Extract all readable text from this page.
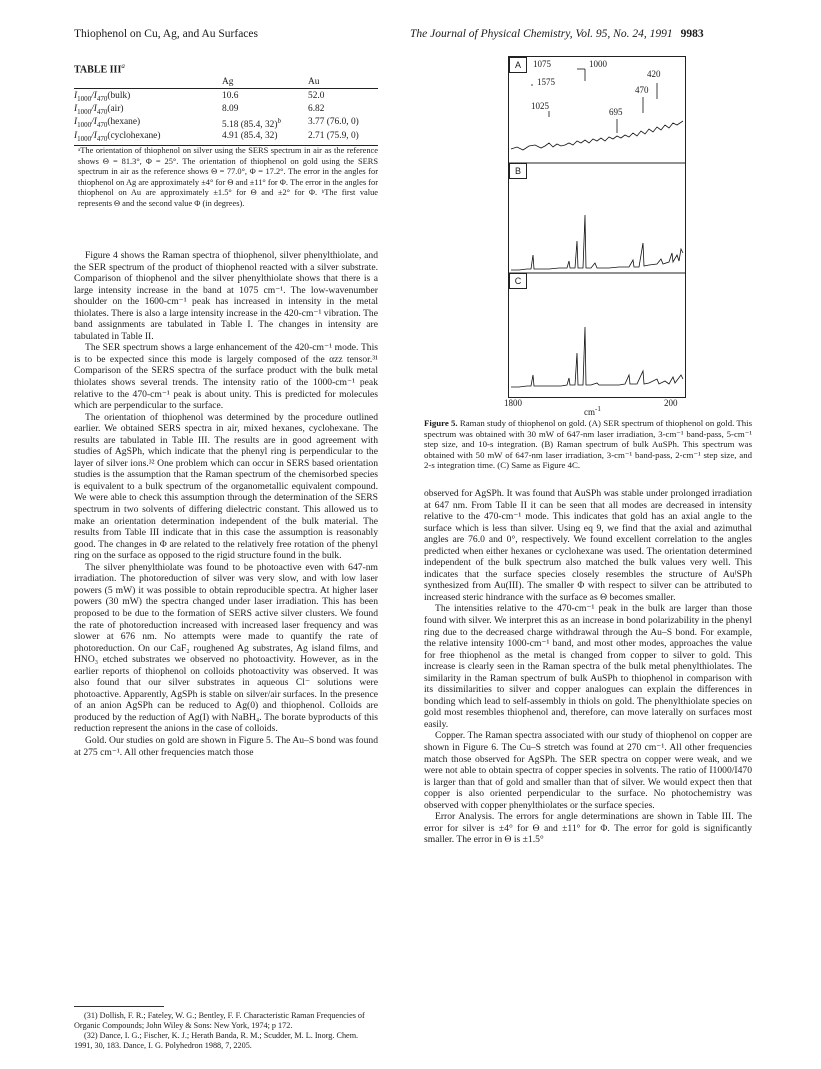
Thiophenol on Cu, Ag, and Au Surfaces	The Journal of Physical Chemistry, Vol. 95, No. 24, 1991 9983
TABLE III$^a$
	Ag	Au
$I_{1000}/I_{470}(bulk)$	10.6	52.0
$I_{1000}/I_{470}(air)$	8.09	6.82
$I_{1000}/I_{470}(hexane)$	5.18 (85.4, 32)$^b$	3.77 (76.0, 0)
$I_{1000}/I_{470}(cyclohexane)$	4.91 (85.4, 32)	2.71 (75.9, 0)
ᵃThe orientation of thiophenol on silver using the SERS spectrum in air as the reference shows Θ = 81.3°, Φ = 25°. The orientation of thiophenol on gold using the SERS spectrum in air as the reference shows Θ = 77.0°, Φ = 17.2°. The error in the angles for thiophenol on Ag are approximately ±4° for Θ and ±11° for Φ. The error in the angles for thiophenol on Au are approximately ±1.5° for Θ and ±2° for Φ. ᵇThe first value represents Θ and the second value Φ (in degrees).

Figure 4 shows the Raman spectra of thiophenol, silver phenylthiolate, and the SER spectrum of the product of thiophenol reacted with a silver substrate. Comparison of thiophenol and the silver phenylthiolate shows that there is a large intensity increase in the band at 1075 cm⁻¹. The low-wavenumber shoulder on the 1600-cm⁻¹ peak has increased in intensity in the metal thiolates. There is also a large intensity increase in the 420-cm⁻¹ vibration. The band assignments are tabulated in Table I. The changes in intensity are tabulated in Table II.

The SER spectrum shows a large enhancement of the 420-cm⁻¹ mode. This is to be expected since this mode is largely composed of the αzz tensor.³¹ Comparison of the SERS spectra of the surface product with the bulk metal thiolates shows several trends. The intensity ratio of the 1000-cm⁻¹ peak relative to the 470-cm⁻¹ peak is about unity. This is predicted for molecules which are perpendicular to the surface.

The orientation of thiophenol was determined by the procedure outlined earlier. We obtained SERS spectra in air, mixed hexanes, cyclohexane. The results are tabulated in Table III. The results are in good agreement with studies of AgSPh, which indicate that the phenyl ring is perpendicular to the layer of silver ions.³² One problem which can occur in SERS based orientation studies is the assumption that the Raman spectrum of the chemisorbed species is equivalent to a bulk spectrum of the organometallic equivalent compound. We were able to check this assumption through the determination of the SERS spectrum in two solvents of differing dielectric constant. This allowed us to make an orientation determination independent of the bulk material. The results from Table III indicate that in this case the assumption is reasonably good. The changes in Φ are related to the relatively free rotation of the phenyl ring on the surface as opposed to the rigid structure found in the bulk.

The silver phenylthiolate was found to be photoactive even with 647-nm irradiation. The photoreduction of silver was very slow, and with low laser powers (5 mW) it was possible to obtain reproducible spectra. At higher laser powers (30 mW) the spectra changed under laser irradiation. This has been proposed to be due to the formation of SERS active silver clusters. We found the rate of photoreduction increased with increased laser frequency and was slower at 676 nm. No attempts were made to quantify the rate of photoreduction. On our CaF₂ roughened Ag substrates, Ag island films, and HNO₃ etched substrates we observed no photoactivity. However, as in the earlier reports of thiophenol on colloids photoactivity was observed. It was also found that our silver substrates in aqueous Cl⁻ solutions were photoactive. Apparently, AgSPh is stable on silver/air surfaces. In the presence of an anion AgSPh can be reduced to Ag(0) and thiophenol. Colloids are produced by the reduction of Ag(I) with NaBH₄. The borate byproducts of this reduction represent the anions in the case of colloids.

Gold. Our studies on gold are shown in Figure 5. The Au–S bond was found at 275 cm⁻¹. All other frequencies match those

(31) Dollish, F. R.; Fateley, W. G.; Bentley, F. F. Characteristic Raman Frequencies of Organic Compounds; John Wiley & Sons: New York, 1974; p 172.

(32) Dance, I. G.; Fischer, K. J.; Herath Banda, R. M.; Scudder, M. L. Inorg. Chem. 1991, 30, 183. Dance, I. G. Polyhedron 1988, 7, 2205.

A
B
C
1075	1000
420
1575
470
1025
695
1800
$cm^{-1}$
200
Figure 5. Raman study of thiophenol on gold. (A) SER spectrum of thiophenol on gold. This spectrum was obtained with 30 mW of 647-nm laser irradiation, 3-cm⁻¹ band-pass, 5-cm⁻¹ step size, and 10-s integration. (B) Raman spectrum of bulk AuSPh. This spectrum was obtained with 50 mW of 647-nm laser irradiation, 3-cm⁻¹ band-pass, 2-cm⁻¹ step size, and 2-s integration time. (C) Same as Figure 4C.

observed for AgSPh. It was found that AuSPh was stable under prolonged irradiation at 647 nm. From Table II it can be seen that all modes are decreased in intensity relative to the 470-cm⁻¹ mode. This indicates that gold has an axial angle to the surface which is less than silver. Using eq 9, we find that the axial and azimuthal angles are 76.0 and 0°, respectively. We found excellent correlation to the angles predicted when either hexanes or cyclohexane was used. The orientation determined independent of the bulk spectrum also matched the bulk values very well. This indicates that the surface species closely resembles the structure of AuᴵSPh synthesized from Au(III). The smaller Φ with respect to silver can be attributed to increased steric hindrance with the surface as Θ becomes smaller.

The intensities relative to the 470-cm⁻¹ peak in the bulk are larger than those found with silver. We interpret this as an increase in bond polarizability in the phenyl ring due to the decreased charge withdrawal through the Au–S bond. For example, the relative intensity 1000-cm⁻¹ band, and most other modes, approaches the value for free thiophenol as the metal is changed from copper to silver to gold. This increase is clearly seen in the Raman spectra of the bulk metal phenylthiolates. The similarity in the Raman spectrum of bulk AuSPh to thiophenol in comparison with its dissimilarities to silver and copper analogues can explain the differences in bonding which lead to self-assembly in thiols on gold. The phenylthiolate species on gold most resembles thiophenol and, therefore, can move laterally on surfaces most easily.

Copper. The Raman spectra associated with our study of thiophenol on copper are shown in Figure 6. The Cu–S stretch was found at 270 cm⁻¹. All other frequencies match those observed for AgSPh. The SER spectra on copper were weak, and we were not able to obtain spectra of copper species in solvents. The ratio of I1000/I470 is larger than that of gold and smaller than that of silver. We would expect then that copper is also oriented perpendicular to the surface. No photochemistry was observed with copper phenylthiolates or the surface species.

Error Analysis. The errors for angle determinations are shown in Table III. The error for silver is ±4° for Θ and ±11° for Φ. The error for gold is significantly smaller. The error in Θ is ±1.5°
